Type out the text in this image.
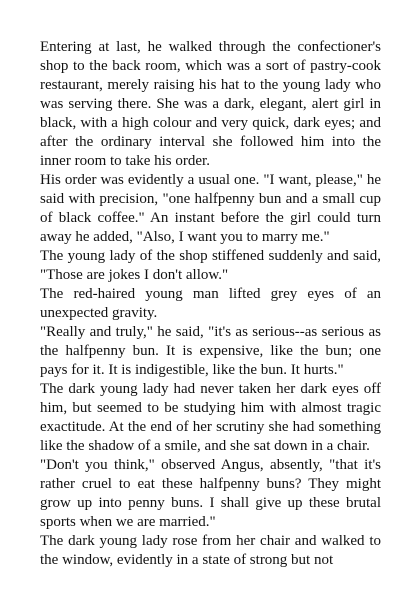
Entering at last, he walked through the confectioner's shop to the back room, which was a sort of pastry-cook restaurant, merely raising his hat to the young lady who was serving there. She was a dark, elegant, alert girl in black, with a high colour and very quick, dark eyes; and after the ordinary interval she followed him into the inner room to take his order.

His order was evidently a usual one. "I want, please," he said with precision, "one halfpenny bun and a small cup of black coffee." An instant before the girl could turn away he added, "Also, I want you to marry me."

The young lady of the shop stiffened suddenly and said, "Those are jokes I don't allow."

The red-haired young man lifted grey eyes of an unexpected gravity.

"Really and truly," he said, "it's as serious--as serious as the halfpenny bun. It is expensive, like the bun; one pays for it. It is indigestible, like the bun. It hurts."

The dark young lady had never taken her dark eyes off him, but seemed to be studying him with almost tragic exactitude. At the end of her scrutiny she had something like the shadow of a smile, and she sat down in a chair.

"Don't you think," observed Angus, absently, "that it's rather cruel to eat these halfpenny buns? They might grow up into penny buns. I shall give up these brutal sports when we are married."

The dark young lady rose from her chair and walked to the window, evidently in a state of strong but not
